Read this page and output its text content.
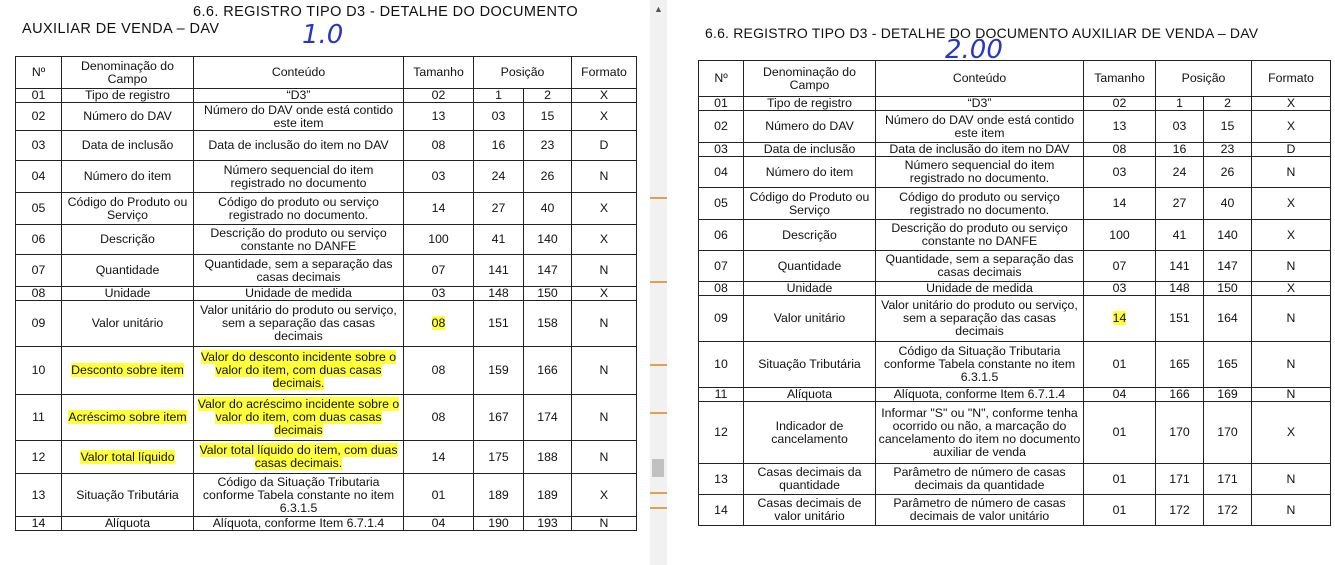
6.6. REGISTRO TIPO D3 - DETALHE DO DOCUMENTO
AUXILIAR DE VENDA – DAV	1.0
Nº	Denominação do Campo	Conteúdo	Tamanho	Posição		Formato
01	Tipo de registro	“D3”	02	1	2	X
02	Número do DAV	Número do DAV onde está contido este item	13	03	15	X
03	Data de inclusão	Data de inclusão do item no DAV	08	16	23	D
04	Número do item	Número sequencial do item registrado no documento	03	24	26	N
05	Código do Produto ou Serviço	Código do produto ou serviço registrado no documento.	14	27	40	X
06	Descrição	Descrição do produto ou serviço constante no DANFE	100	41	140	X
07	Quantidade	Quantidade, sem a separação das casas decimais	07	141	147	N
08	Unidade	Unidade de medida	03	148	150	X
09	Valor unitário	Valor unitário do produto ou serviço, sem a separação das casas decimais	08	151	158	N
10	Desconto sobre item	Valor do desconto incidente sobre o valor do item, com duas casas decimais.	08	159	166	N
11	Acréscimo sobre item	Valor do acréscimo incidente sobre o valor do item, com duas casas decimais	08	167	174	N
12	Valor total líquido	Valor total líquido do item, com duas casas decimais.	14	175	188	N
13	Situação Tributária	Código da Situação Tributaria conforme Tabela constante no item 6.3.1.5	01	189	189	X
14	Alíquota	Alíquota, conforme Item 6.7.1.4	04	190	193	N
▲
6.6. REGISTRO TIPO D3 - DETALHE DO DOCUMENTO AUXILIAR DE VENDA – DAV
2.00
Nº	Denominação do Campo	Conteúdo	Tamanho	Posição		Formato
01	Tipo de registro	“D3”	02	1	2	X
02	Número do DAV	Número do DAV onde está contido este item	13	03	15	X
03	Data de inclusão	Data de inclusão do item no DAV	08	16	23	D
04	Número do item	Número sequencial do item registrado no documento.	03	24	26	N
05	Código do Produto ou Serviço	Código do produto ou serviço registrado no documento.	14	27	40	X
06	Descrição	Descrição do produto ou serviço constante no DANFE	100	41	140	X
07	Quantidade	Quantidade, sem a separação das casas decimais	07	141	147	N
08	Unidade	Unidade de medida	03	148	150	X
09	Valor unitário	Valor unitário do produto ou serviço, sem a separação das casas decimais	14	151	164	N
10	Situação Tributária	Código da Situação Tributaria conforme Tabela constante no item 6.3.1.5	01	165	165	N
11	Alíquota	Alíquota, conforme Item 6.7.1.4	04	166	169	N
12	Indicador de cancelamento	Informar "S" ou "N", conforme tenha ocorrido ou não, a marcação do cancelamento do item no documento auxiliar de venda	01	170	170	X
13	Casas decimais da quantidade	Parâmetro de número de casas decimais da quantidade	01	171	171	N
14	Casas decimais de valor unitário	Parâmetro de número de casas decimais de valor unitário	01	172	172	N
